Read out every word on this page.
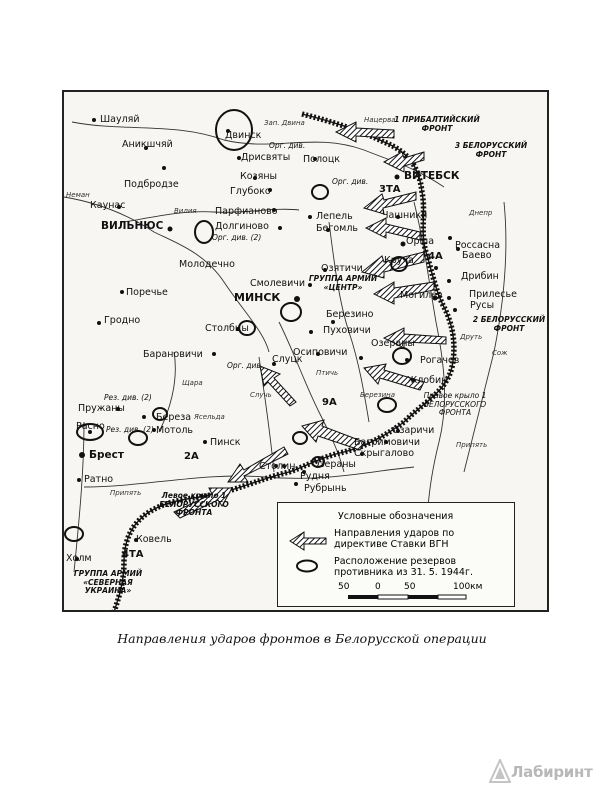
Шауляй
Аникшчяй
Подбродзе
Каунас
ВИЛЬНЮС
Поречье
Гродно
Двинск
Дрисвяты
Козяны
Глубоко
Полоцк
Парфианово
Долгиново
Молодечно
Лепель
Бегомль
ВИТЕБСК
Чашники
Орша Россасна
Баево
Круча
Дрибин
Озятичи
Смолевичи
МИНСК	Могилев	Прилесье
Русы
Березино
Пуховичи
Столбцы
Осиповичи
Озераны
Слуцк
Барановичи
Рогачев
Жлобин
Пружаны
Береза
Расно
Брест
Мотоль
Пинск
Столин
Озаричи
Багримовичи
Скрыгалово
Озераны
Рудня
Рубрынь
Ратно
Ковель
Холм
Неман
Зап. Двина	Нацерва
Днепр
Друть
Сож
Вилия
Березина
Птичь
Случь
Щара
Ясельда
Припять
Припять
Орг. див.
Орг. див.
Рез. див. (2)
Орг. див.
Рез. див. (2)
Орг. див. (2)
1 ПРИБАЛТИЙСКИЙ ФРОНТ
3 БЕЛОРУССКИЙ ФРОНТ
2 БЕЛОРУССКИЙ ФРОНТ
ГРУППА АРМИЙ «ЦЕНТР»
Правое крыло 1 БЕЛОРУССКОГО ФРОНТА
Левое крыло 1 БЕЛОРУССКОГО ФРОНТА
ГРУППА АРМИЙ «СЕВЕРНАЯ УКРАИНА»
3ТА
4А
9А
2А
4ТА
Условные обозначения
Направления ударов по директиве Ставки ВГН
Расположение резервов противника из 31. 5. 1944г.
50	0	50	100км
Направления ударов фронтов в Белорусской операции
Лабиринт
